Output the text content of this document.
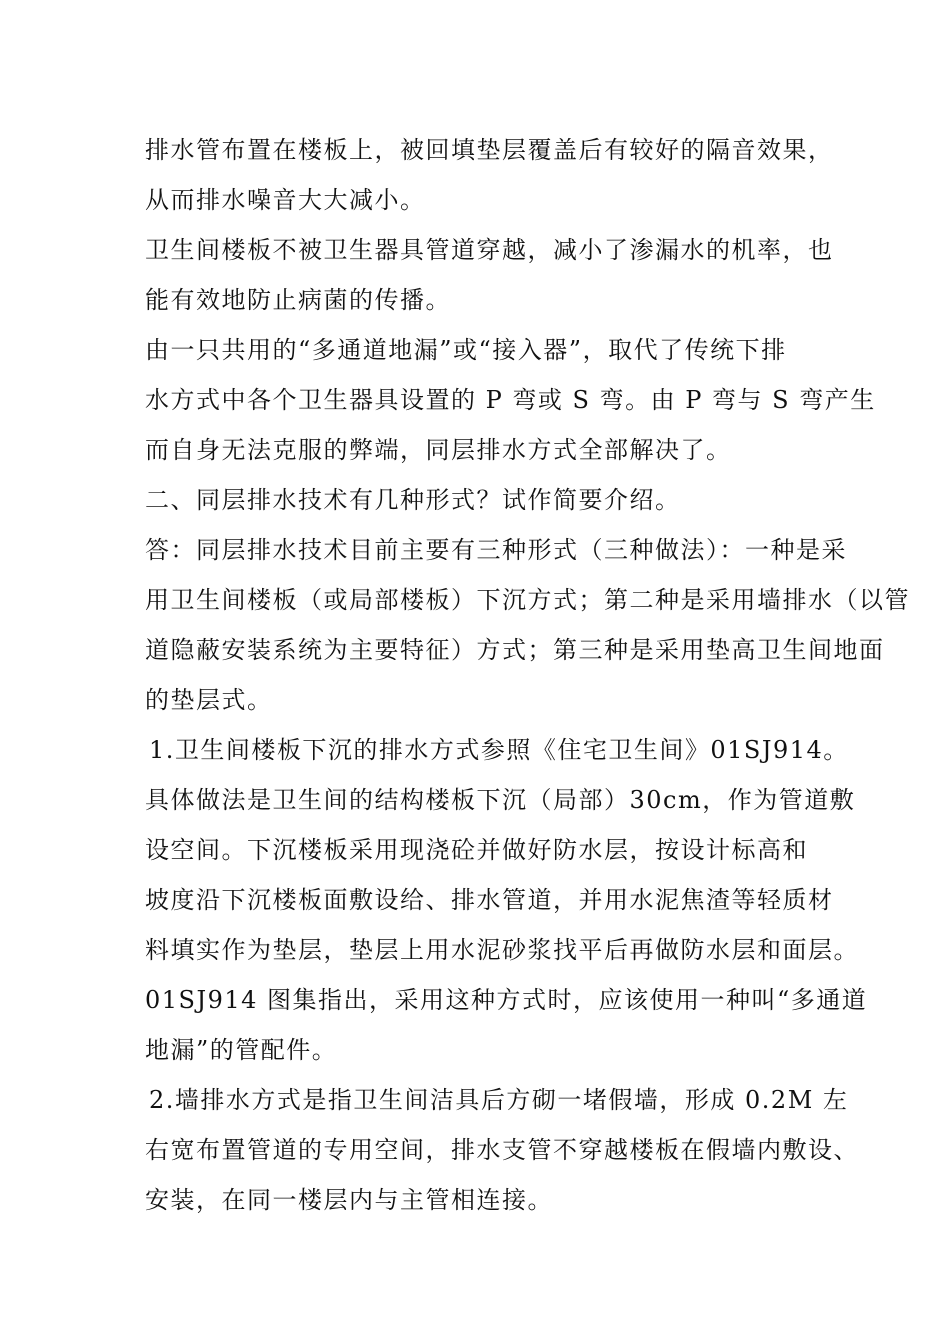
排水管布置在楼板上，被回填垫层覆盖后有较好的隔音效果，
从而排水噪音大大减小。
卫生间楼板不被卫生器具管道穿越，减小了渗漏水的机率，也
能有效地防止病菌的传播。
由一只共用的“多通道地漏”或“接入器”，取代了传统下排
水方式中各个卫生器具设置的 P 弯或 S 弯。由 P 弯与 S 弯产生
而自身无法克服的弊端，同层排水方式全部解决了。
二、同层排水技术有几种形式？试作简要介绍。
答：同层排水技术目前主要有三种形式（三种做法）：一种是采
用卫生间楼板（或局部楼板）下沉方式；第二种是采用墙排水（以管
道隐蔽安装系统为主要特征）方式；第三种是采用垫高卫生间地面
的垫层式。
1.卫生间楼板下沉的排水方式参照《住宅卫生间》01SJ914。
具体做法是卫生间的结构楼板下沉（局部）30cm，作为管道敷
设空间。下沉楼板采用现浇砼并做好防水层，按设计标高和
坡度沿下沉楼板面敷设给、排水管道，并用水泥焦渣等轻质材
料填实作为垫层，垫层上用水泥砂浆找平后再做防水层和面层。
01SJ914 图集指出，采用这种方式时，应该使用一种叫“多通道
地漏”的管配件。
2.墙排水方式是指卫生间洁具后方砌一堵假墙，形成 0.2M 左
右宽布置管道的专用空间，排水支管不穿越楼板在假墙内敷设、
安装，在同一楼层内与主管相连接。
